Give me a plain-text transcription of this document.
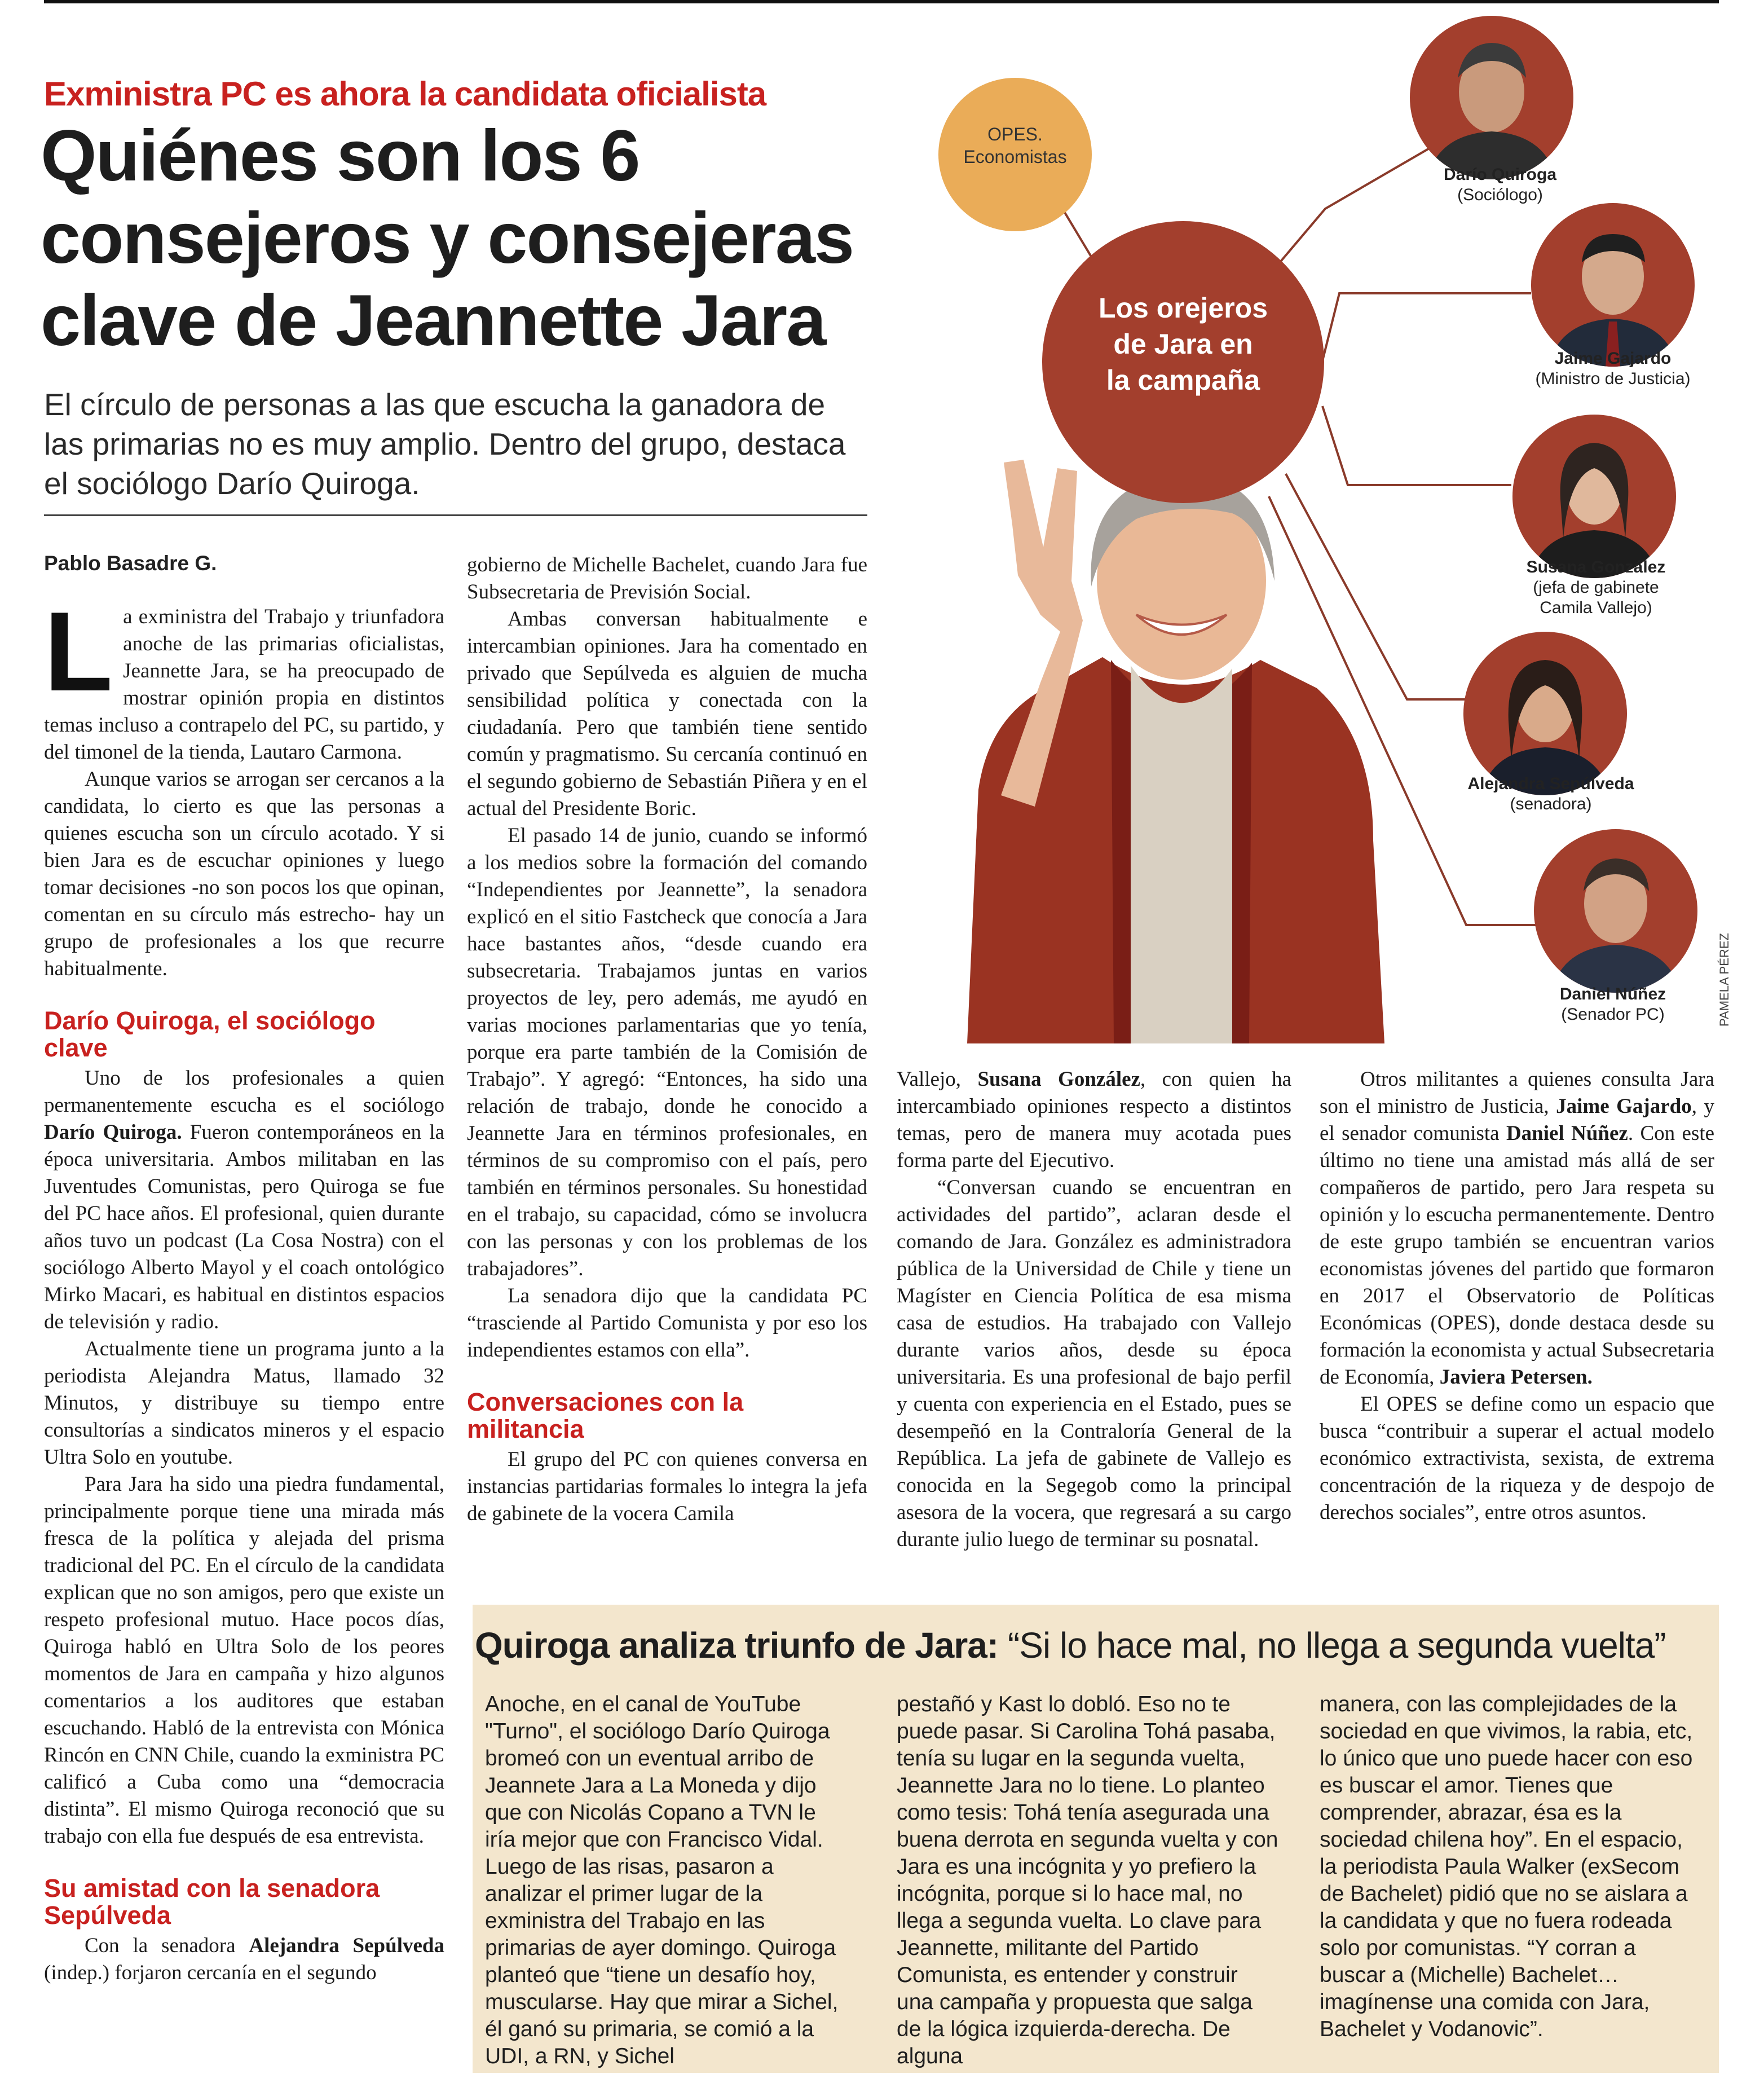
Exministra PC es ahora la candidata oficialista
Quiénes son los 6 consejeros y consejeras clave de Jeannette Jara
El círculo de personas a las que escucha la ganadora de las primarias no es muy amplio. Dentro del grupo, destaca el sociólogo Darío Quiroga.
Pablo Basadre G.
OPES.
Economistas
Los orejeros
de Jara en
la campaña
Darío Quiroga
(Sociólogo)
Jaime Gajardo
(Ministro de Justicia)
Susana González
(jefa de gabinete
Camila Vallejo)
Alejandra Sepúlveda
(senadora)
Daniel Núñez
(Senador PC)	PAMELA PÉREZ

La exministra del Trabajo y triunfadora anoche de las primarias oficialistas, Jeannette Jara, se ha preocupado de mostrar opinión propia en distintos temas incluso a contrapelo del PC, su partido, y del timonel de la tienda, Lautaro Carmona.

Aunque varios se arrogan ser cercanos a la candidata, lo cierto es que las personas a quienes escucha son un círculo acotado. Y si bien Jara es de escuchar opiniones y luego tomar decisiones -no son pocos los que opinan, comentan en su círculo más estrecho- hay un grupo de profesionales a los que recurre habitualmente.

Darío Quiroga, el sociólogo clave

Uno de los profesionales a quien permanentemente escucha es el sociólogo Darío Quiroga. Fueron contemporáneos en la época universitaria. Ambos militaban en las Juventudes Comunistas, pero Quiroga se fue del PC hace años. El profesional, quien durante años tuvo un podcast (La Cosa Nostra) con el sociólogo Alberto Mayol y el coach ontológico Mirko Macari, es habitual en distintos espacios de televisión y radio.

Actualmente tiene un programa junto a la periodista Alejandra Matus, llamado 32 Minutos, y distribuye su tiempo entre consultorías a sindicatos mineros y el espacio Ultra Solo en youtube.

Para Jara ha sido una piedra fundamental, principalmente porque tiene una mirada más fresca de la política y alejada del prisma tradicional del PC. En el círculo de la candidata explican que no son amigos, pero que existe un respeto profesional mutuo. Hace pocos días, Quiroga habló en Ultra Solo de los peores momentos de Jara en campaña y hizo algunos comentarios a los auditores que estaban escuchando. Habló de la entrevista con Mónica Rincón en CNN Chile, cuando la exministra PC calificó a Cuba como una “democracia distinta”. El mismo Quiroga reconoció que su trabajo con ella fue después de esa entrevista.

Su amistad con la senadora Sepúlveda

Con la senadora Alejandra Sepúlveda (indep.) forjaron cercanía en el segundo

gobierno de Michelle Bachelet, cuando Jara fue Subsecretaria de Previsión Social.

Ambas conversan habitualmente e intercambian opiniones. Jara ha comentado en privado que Sepúlveda es alguien de mucha sensibilidad política y conectada con la ciudadanía. Pero que también tiene sentido común y pragmatismo. Su cercanía continuó en el segundo gobierno de Sebastián Piñera y en el actual del Presidente Boric.

El pasado 14 de junio, cuando se informó a los medios sobre la formación del comando “Independientes por Jeannette”, la senadora explicó en el sitio Fastcheck que conocía a Jara hace bastantes años, “desde cuando era subsecretaria. Trabajamos juntas en varios proyectos de ley, pero además, me ayudó en varias mociones parlamentarias que yo tenía, porque era parte también de la Comisión de Trabajo”. Y agregó: “Entonces, ha sido una relación de trabajo, donde he conocido a Jeannette Jara en términos profesionales, en términos de su compromiso con el país, pero también en términos personales. Su honestidad en el trabajo, su capacidad, cómo se involucra con las personas y con los problemas de los trabajadores”.

La senadora dijo que la candidata PC “trasciende al Partido Comunista y por eso los independientes estamos con ella”.

Conversaciones con la militancia

El grupo del PC con quienes conversa en instancias partidarias formales lo integra la jefa de gabinete de la vocera Camila

Vallejo, Susana González, con quien ha intercambiado opiniones respecto a distintos temas, pero de manera muy acotada pues forma parte del Ejecutivo.

“Conversan cuando se encuentran en actividades del partido”, aclaran desde el comando de Jara. González es administradora pública de la Universidad de Chile y tiene un Magíster en Ciencia Política de esa misma casa de estudios. Ha trabajado con Vallejo durante varios años, desde su época universitaria. Es una profesional de bajo perfil y cuenta con experiencia en el Estado, pues se desempeñó en la Contraloría General de la República. La jefa de gabinete de Vallejo es conocida en la Segegob como la principal asesora de la vocera, que regresará a su cargo durante julio luego de terminar su posnatal.

Otros militantes a quienes consulta Jara son el ministro de Justicia, Jaime Gajardo, y el senador comunista Daniel Núñez. Con este último no tiene una amistad más allá de ser compañeros de partido, pero Jara respeta su opinión y lo escucha permanentemente. Dentro de este grupo también se encuentran varios economistas jóvenes del partido que formaron en 2017 el Observatorio de Políticas Económicas (OPES), donde destaca desde su formación la economista y actual Subsecretaria de Economía, Javiera Petersen.

El OPES se define como un espacio que busca “contribuir a superar el actual modelo económico extractivista, sexista, de extrema concentración de la riqueza y de despojo de derechos sociales”, entre otros asuntos.

Quiroga analiza triunfo de Jara: “Si lo hace mal, no llega a segunda vuelta”

Anoche, en el canal de YouTube "Turno", el sociólogo Darío Quiroga bromeó con un eventual arribo de Jeannete Jara a La Moneda y dijo que con Nicolás Copano a TVN le iría mejor que con Francisco Vidal. Luego de las risas, pasaron a analizar el primer lugar de la exministra del Trabajo en las primarias de ayer domingo. Quiroga planteó que “tiene un desafío hoy, muscularse. Hay que mirar a Sichel, él ganó su primaria, se comió a la UDI, a RN, y Sichel

pestañó y Kast lo dobló. Eso no te puede pasar. Si Carolina Tohá pasaba, tenía su lugar en la segunda vuelta, Jeannette Jara no lo tiene. Lo planteo como tesis: Tohá tenía asegurada una buena derrota en segunda vuelta y con Jara es una incógnita y yo prefiero la incógnita, porque si lo hace mal, no llega a segunda vuelta. Lo clave para Jeannette, militante del Partido Comunista, es entender y construir una campaña y propuesta que salga de la lógica izquierda-derecha. De alguna

manera, con las complejidades de la sociedad en que vivimos, la rabia, etc, lo único que uno puede hacer con eso es buscar el amor. Tienes que comprender, abrazar, ésa es la sociedad chilena hoy”. En el espacio, la periodista Paula Walker (exSecom de Bachelet) pidió que no se aislara a la candidata y que no fuera rodeada solo por comunistas. “Y corran a buscar a (Michelle) Bachelet… imagínense una comida con Jara, Bachelet y Vodanovic”.
